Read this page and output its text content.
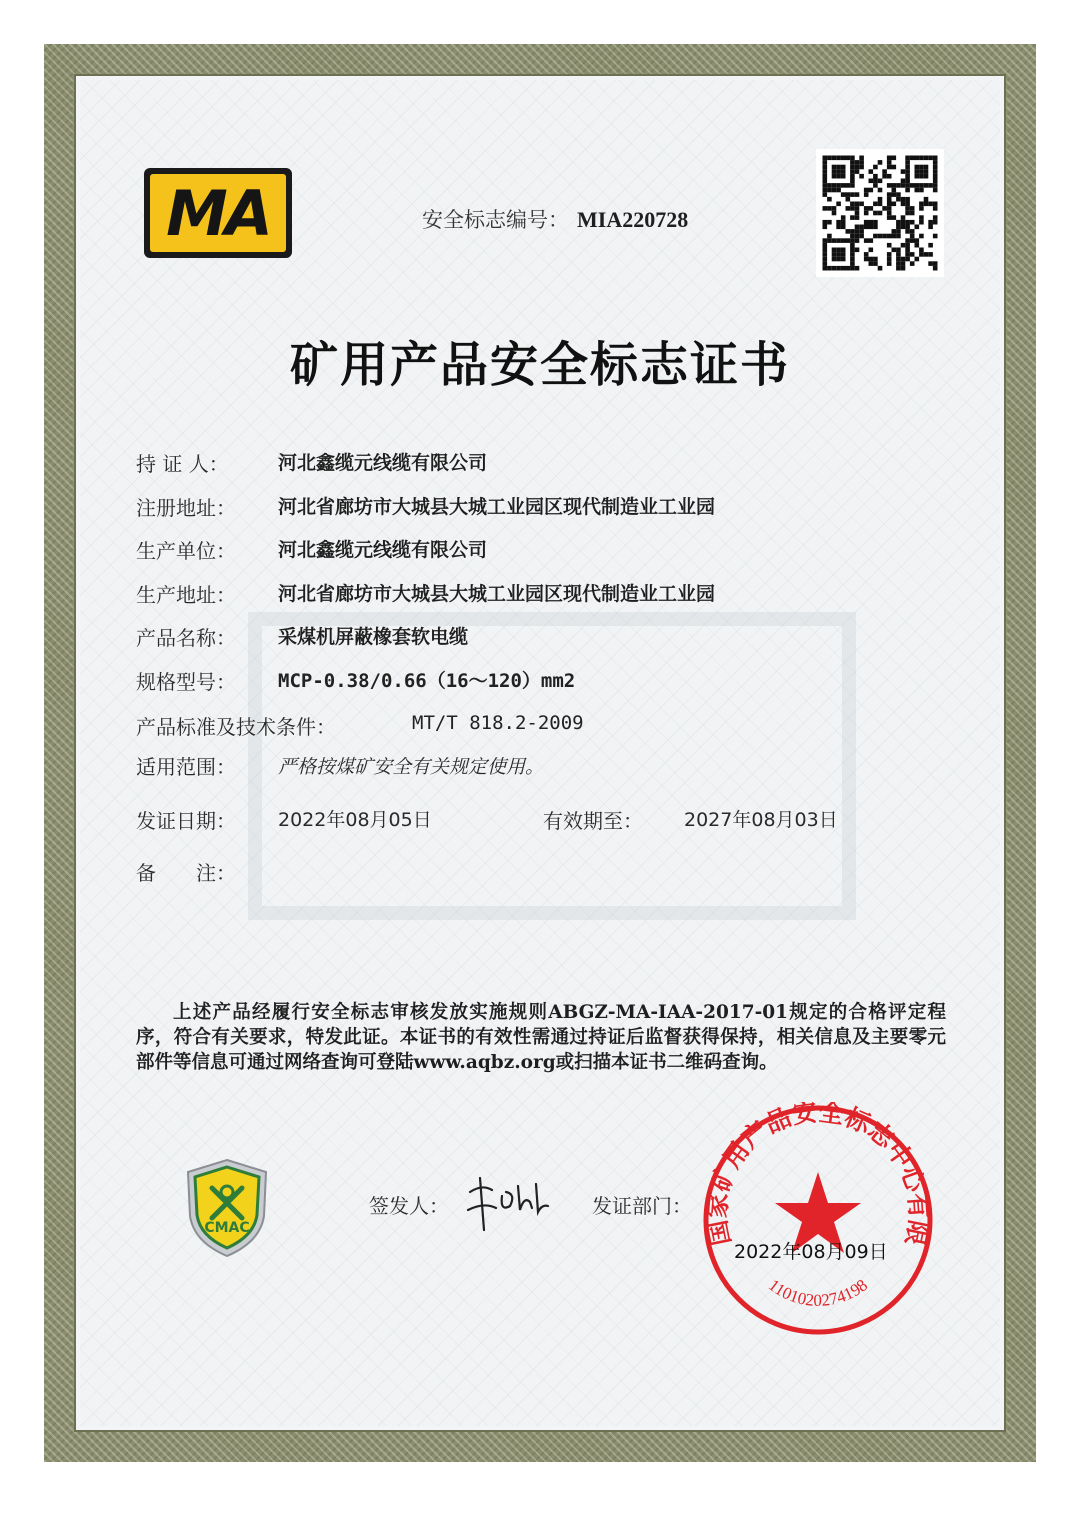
MA	安全标志编号： MIA220728
矿用产品安全标志证书
持 证 人：	河北鑫缆元线缆有限公司
注册地址： 河北省廊坊市大城县大城工业园区现代制造业工业园
生产单位： 河北鑫缆元线缆有限公司
生产地址： 河北省廊坊市大城县大城工业园区现代制造业工业园
产品名称： 采煤机屏蔽橡套软电缆
规格型号： MCP-0.38/0.66（16～120）mm2
产品标准及技术条件：	MT/T 818.2-2009
适用范围： 严格按煤矿安全有关规定使用。
发证日期： 2022年08月05日	有效期至： 2027年08月03日
备　　注：
上述产品经履行安全标志审核发放实施规则ABGZ-MA-IAA-2017-01规定的合格评定程序，符合有关要求，特发此证。本证书的有效性需通过持证后监督获得保持，相关信息及主要零元部件等信息可通过网络查询可登陆www.aqbz.org或扫描本证书二维码查询。
CMAC
签发人：	发证部门：
国家矿用产品安全标志中心有限
1101020274198
2022年08月09日
